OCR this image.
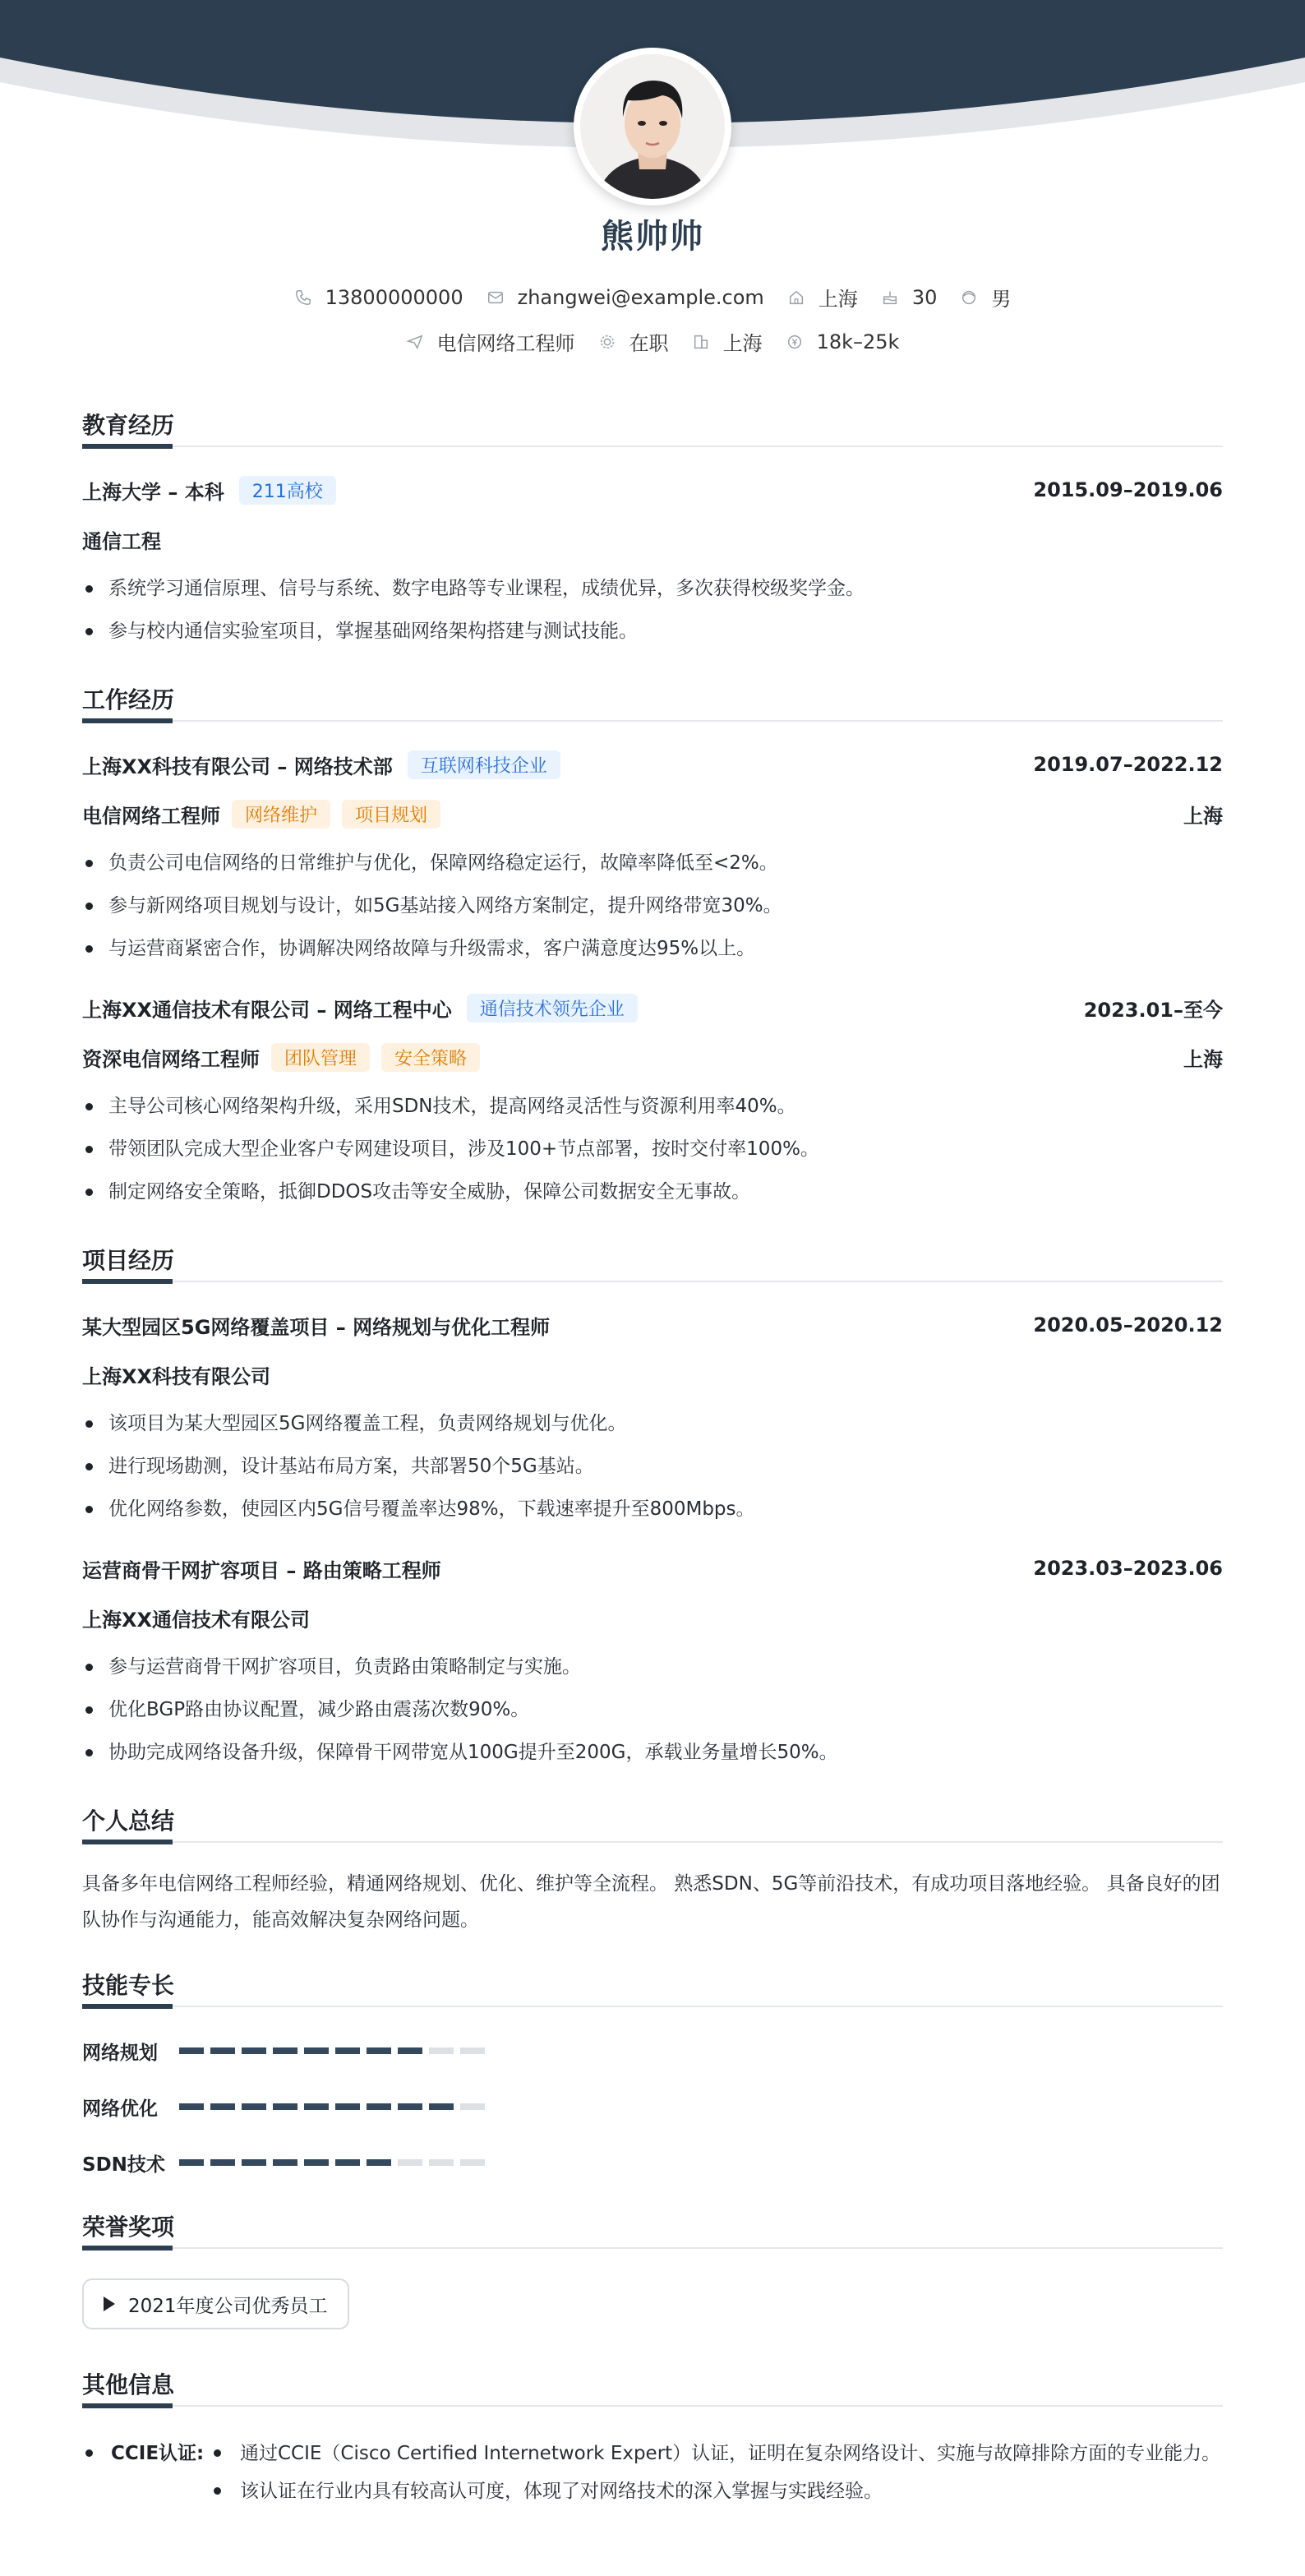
熊帅帅
13800000000	zhangwei@example.com	上海	30	男
电信网络工程师	在职	上海	18k–25k
教育经历
上海大学 – 本科	211高校	2015.09–2019.06
通信工程
系统学习通信原理、信号与系统、数字电路等专业课程，成绩优异，多次获得校级奖学金。
参与校内通信实验室项目，掌握基础网络架构搭建与测试技能。
工作经历
上海XX科技有限公司 – 网络技术部	互联网科技企业	2019.07–2022.12
电信网络工程师	网络维护	项目规划	上海
负责公司电信网络的日常维护与优化，保障网络稳定运行，故障率降低至<2%。
参与新网络项目规划与设计，如5G基站接入网络方案制定，提升网络带宽30%。
与运营商紧密合作，协调解决网络故障与升级需求，客户满意度达95%以上。
上海XX通信技术有限公司 – 网络工程中心	通信技术领先企业	2023.01–至今
资深电信网络工程师	团队管理	安全策略	上海
主导公司核心网络架构升级，采用SDN技术，提高网络灵活性与资源利用率40%。
带领团队完成大型企业客户专网建设项目，涉及100+节点部署，按时交付率100%。
制定网络安全策略，抵御DDOS攻击等安全威胁，保障公司数据安全无事故。
项目经历
某大型园区5G网络覆盖项目 – 网络规划与优化工程师	2020.05–2020.12
上海XX科技有限公司
该项目为某大型园区5G网络覆盖工程，负责网络规划与优化。
进行现场勘测，设计基站布局方案，共部署50个5G基站。
优化网络参数，使园区内5G信号覆盖率达98%，下载速率提升至800Mbps。
运营商骨干网扩容项目 – 路由策略工程师	2023.03–2023.06
上海XX通信技术有限公司
参与运营商骨干网扩容项目，负责路由策略制定与实施。
优化BGP路由协议配置，减少路由震荡次数90%。
协助完成网络设备升级，保障骨干网带宽从100G提升至200G，承载业务量增长50%。
个人总结
具备多年电信网络工程师经验，精通网络规划、优化、维护等全流程。 熟悉SDN、5G等前沿技术，有成功项目落地经验。 具备良好的团队协作与沟通能力，能高效解决复杂网络问题。
技能专长
网络规划
网络优化
SDN技术
荣誉奖项
2021年度公司优秀员工
其他信息
CCIE认证:	通过CCIE（Cisco Certified Internetwork Expert）认证，证明在复杂网络设计、实施与故障排除方面的专业能力。
该认证在行业内具有较高认可度，体现了对网络技术的深入掌握与实践经验。
